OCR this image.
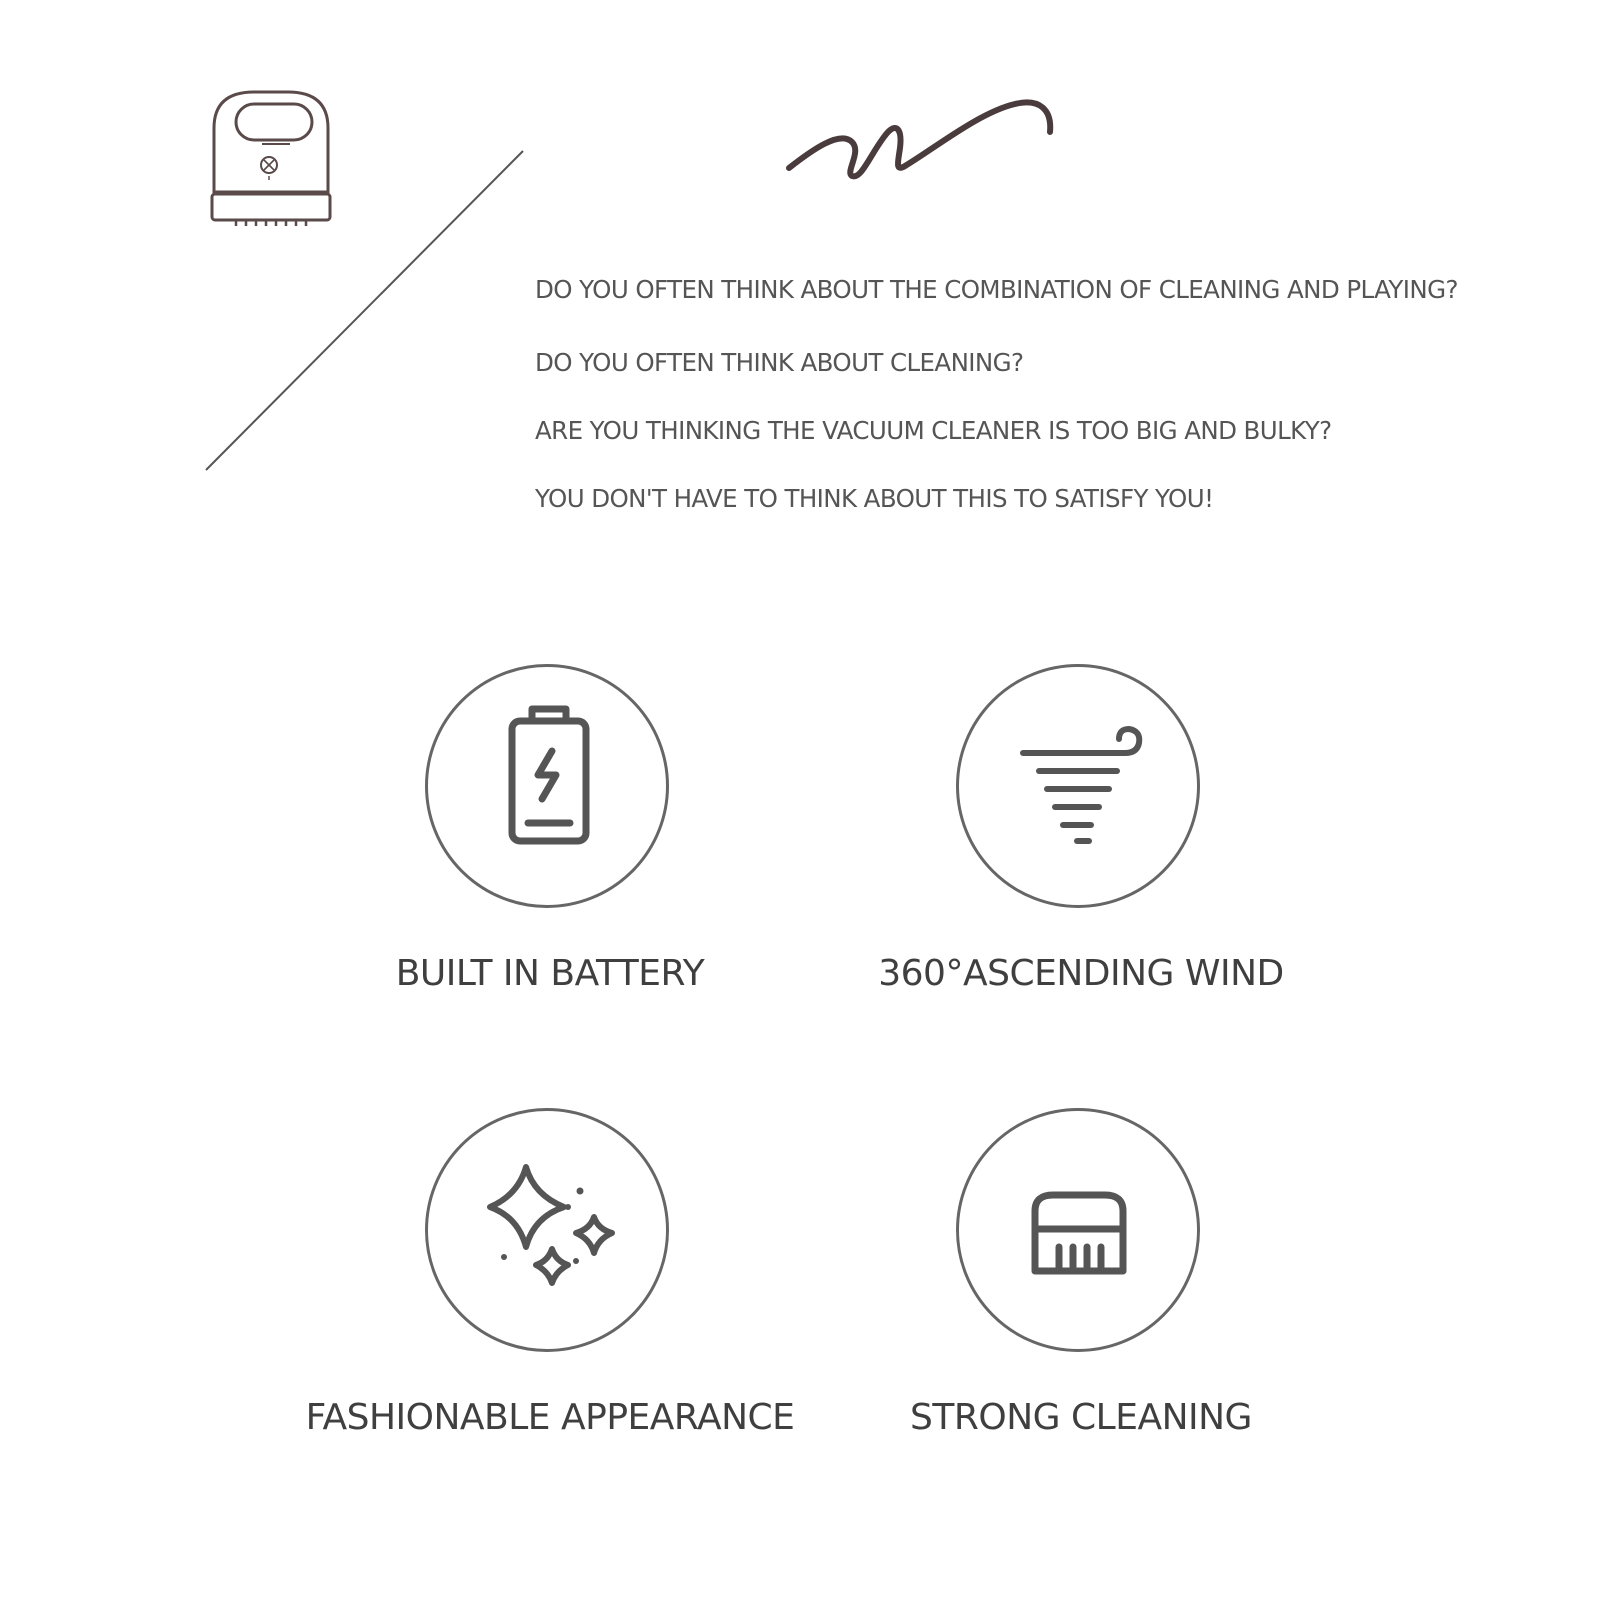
DO YOU OFTEN THINK ABOUT THE COMBINATION OF CLEANING AND PLAYING?
DO YOU OFTEN THINK ABOUT CLEANING?
ARE YOU THINKING THE VACUUM CLEANER IS TOO BIG AND BULKY?
YOU DON'T HAVE TO THINK ABOUT THIS TO SATISFY YOU!
BUILT IN BATTERY	360°ASCENDING WIND
FASHIONABLE APPEARANCE	STRONG CLEANING
